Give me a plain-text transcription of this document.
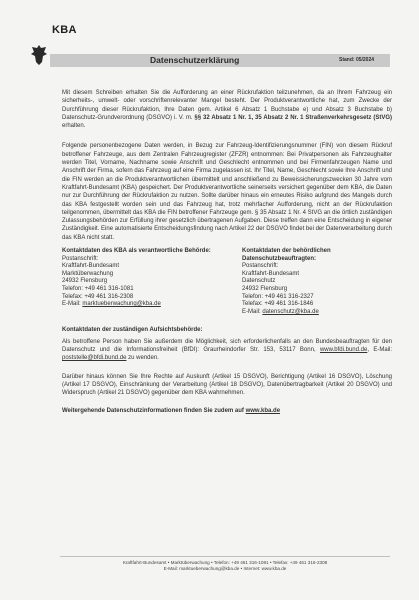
KBA
Datenschutzerklärung	Stand: 05/2024

Mit diesem Schreiben erhalten Sie die Aufforderung an einer Rückrufaktion teilzunehmen, da an Ihrem Fahrzeug ein sicherheits-, umwelt- oder vorschriftenrelevanter Mangel besteht. Der Produktverantwortliche hat, zum Zwecke der Durchführung dieser Rückrufaktion, Ihre Daten gem. Artikel 6 Absatz 1 Buchstabe e) und Absatz 3 Buchstabe b) Datenschutz-Grundverordnung (DSGVO) i. V. m. §§ 32 Absatz 1 Nr. 1, 35 Absatz 2 Nr. 1 Straßenverkehrsgesetz (StVG) erhalten.

Folgende personenbezogene Daten werden, in Bezug zur Fahrzeug-Identifizierungsnummer (FIN) von diesem Rückruf betroffener Fahrzeuge, aus dem Zentralen Fahrzeugregister (ZFZR) entnommen: Bei Privatpersonen als Fahrzeughalter werden Titel, Vorname, Nachname sowie Anschrift und Geschlecht entnommen und bei Firmenfahrzeugen Name und Anschrift der Firma, sofern das Fahrzeug auf eine Firma zugelassen ist. Ihr Titel, Name, Geschlecht sowie Ihre Anschrift und die FIN werden an die Produktverantwortlichen übermittelt und anschließend zu Beweissicherungszwecken 30 Jahre vom Kraftfahrt-Bundesamt (KBA) gespeichert. Der Produktverantwortliche seinerseits versichert gegenüber dem KBA, die Daten nur zur Durchführung der Rückrufaktion zu nutzen. Sollte darüber hinaus ein erneutes Risiko aufgrund des Mangels durch das KBA festgestellt worden sein und das Fahrzeug hat, trotz mehrfacher Aufforderung, nicht an der Rückrufaktion teilgenommen, übermittelt das KBA die FIN betroffener Fahrzeuge gem. § 35 Absatz 1 Nr. 4 StVG an die örtlich zuständigen Zulassungsbehörden zur Erfüllung ihrer gesetzlich übertragenen Aufgaben. Diese treffen dann eine Entscheidung in eigener Zuständigkeit. Eine automatisierte Entscheidungsfindung nach Artikel 22 der DSGVO findet bei der Datenverarbeitung durch das KBA nicht statt.

Kontaktdaten des KBA als verantwortliche Behörde:
Postanschrift:
Kraftfahrt-Bundesamt
Marktüberwachung
24932 Flensburg
Telefon: +49 461 316-1081
Telefax: +49 461 316-2308
E-Mail: marktueberwachung@kba.de
Kontaktdaten der behördlichen Datenschutzbeauftragten:
Postanschrift:
Kraftfahrt-Bundesamt
Datenschutz
24932 Flensburg
Telefon: +49 461 316-2327
Telefax: +49 461 316-1846
E-Mail: datenschutz@kba.de
Kontaktdaten der zuständigen Aufsichtsbehörde:
Als betroffene Person haben Sie außerdem die Möglichkeit, sich erforderlichenfalls an den Bundesbeauftragten für den Datenschutz und die Informationsfreiheit (BfDI): Graurheindorfer Str. 153, 53117 Bonn, www.bfdi.bund.de, E-Mail: poststelle@bfdi.bund.de zu wenden.

Darüber hinaus können Sie Ihre Rechte auf Auskunft (Artikel 15 DSGVO), Berichtigung (Artikel 16 DSGVO), Löschung (Artikel 17 DSGVO), Einschränkung der Verarbeitung (Artikel 18 DSGVO), Datenübertragbarkeit (Artikel 20 DSGVO) und Widerspruch (Artikel 21 DSGVO) gegenüber dem KBA wahrnehmen.

Weitergehende Datenschutzinformationen finden Sie zudem auf www.kba.de
Kraftfahrt-Bundesamt • Marktüberwachung • Telefon: +49 461 316-1081 • Telefax: +49 461 316-2308
E-Mail: marktueberwachung@kba.de • Internet: www.kba.de
